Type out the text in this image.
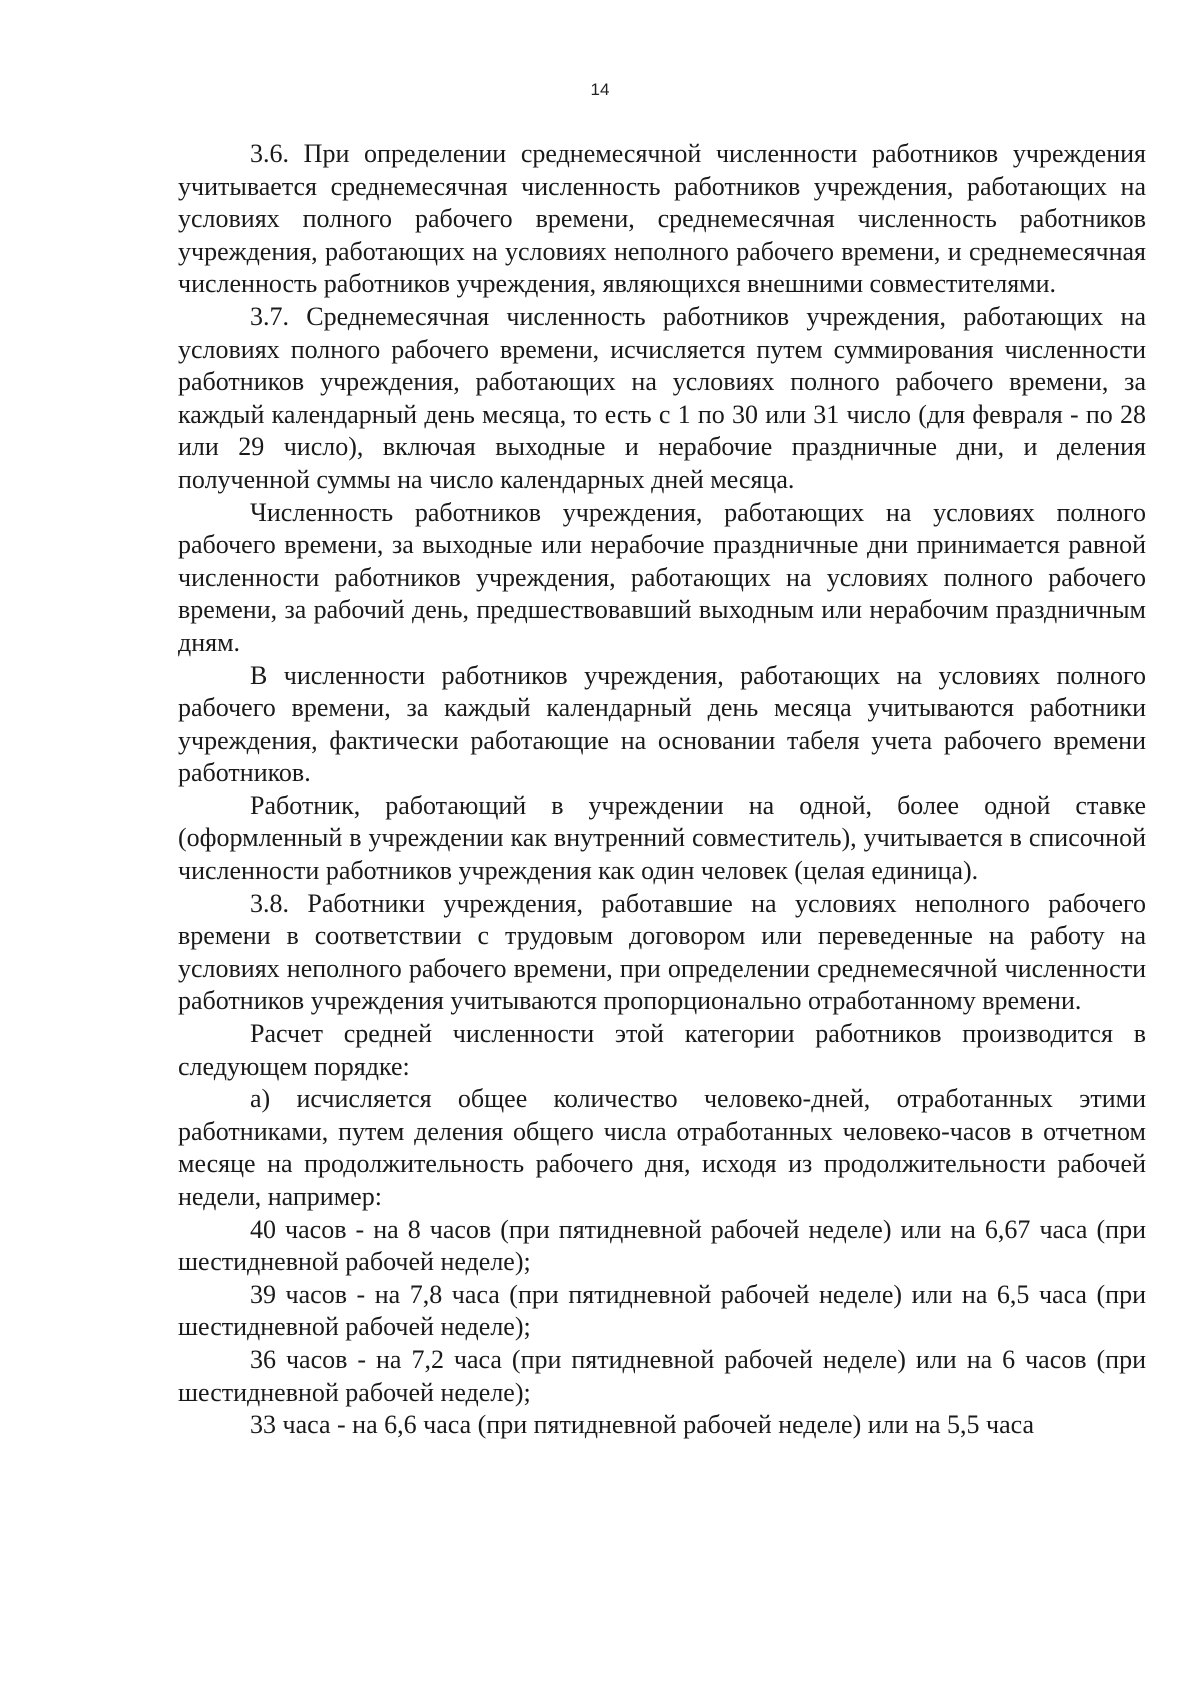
14

3.6. При определении среднемесячной численности работников учреждения учитывается среднемесячная численность работников учреждения, работающих на условиях полного рабочего времени, среднемесячная численность работников учреждения, работающих на условиях неполного рабочего времени, и среднемесячная численность работников учреждения, являющихся внешними совместителями.

3.7. Среднемесячная численность работников учреждения, работающих на условиях полного рабочего времени, исчисляется путем суммирования численности работников учреждения, работающих на условиях полного рабочего времени, за каждый календарный день месяца, то есть с 1 по 30 или 31 число (для февраля - по 28 или 29 число), включая выходные и нерабочие праздничные дни, и деления полученной суммы на число календарных дней месяца.

Численность работников учреждения, работающих на условиях полного рабочего времени, за выходные или нерабочие праздничные дни принимается равной численности работников учреждения, работающих на условиях полного рабочего времени, за рабочий день, предшествовавший выходным или нерабочим праздничным дням.

В численности работников учреждения, работающих на условиях полного рабочего времени, за каждый календарный день месяца учитываются работники учреждения, фактически работающие на основании табеля учета рабочего времени работников.

Работник, работающий в учреждении на одной, более одной ставке (оформленный в учреждении как внутренний совместитель), учитывается в списочной численности работников учреждения как один человек (целая единица).

3.8. Работники учреждения, работавшие на условиях неполного рабочего времени в соответствии с трудовым договором или переведенные на работу на условиях неполного рабочего времени, при определении среднемесячной численности работников учреждения учитываются пропорционально отработанному времени.

Расчет средней численности этой категории работников производится в следующем порядке:

а) исчисляется общее количество человеко-дней, отработанных этими работниками, путем деления общего числа отработанных человеко-часов в отчетном месяце на продолжительность рабочего дня, исходя из продолжительности рабочей недели, например:

40 часов - на 8 часов (при пятидневной рабочей неделе) или на 6,67 часа (при шестидневной рабочей неделе);

39 часов - на 7,8 часа (при пятидневной рабочей неделе) или на 6,5 часа (при шестидневной рабочей неделе);

36 часов - на 7,2 часа (при пятидневной рабочей неделе) или на 6 часов (при шестидневной рабочей неделе);

33 часа - на 6,6 часа (при пятидневной рабочей неделе) или на 5,5 часа
